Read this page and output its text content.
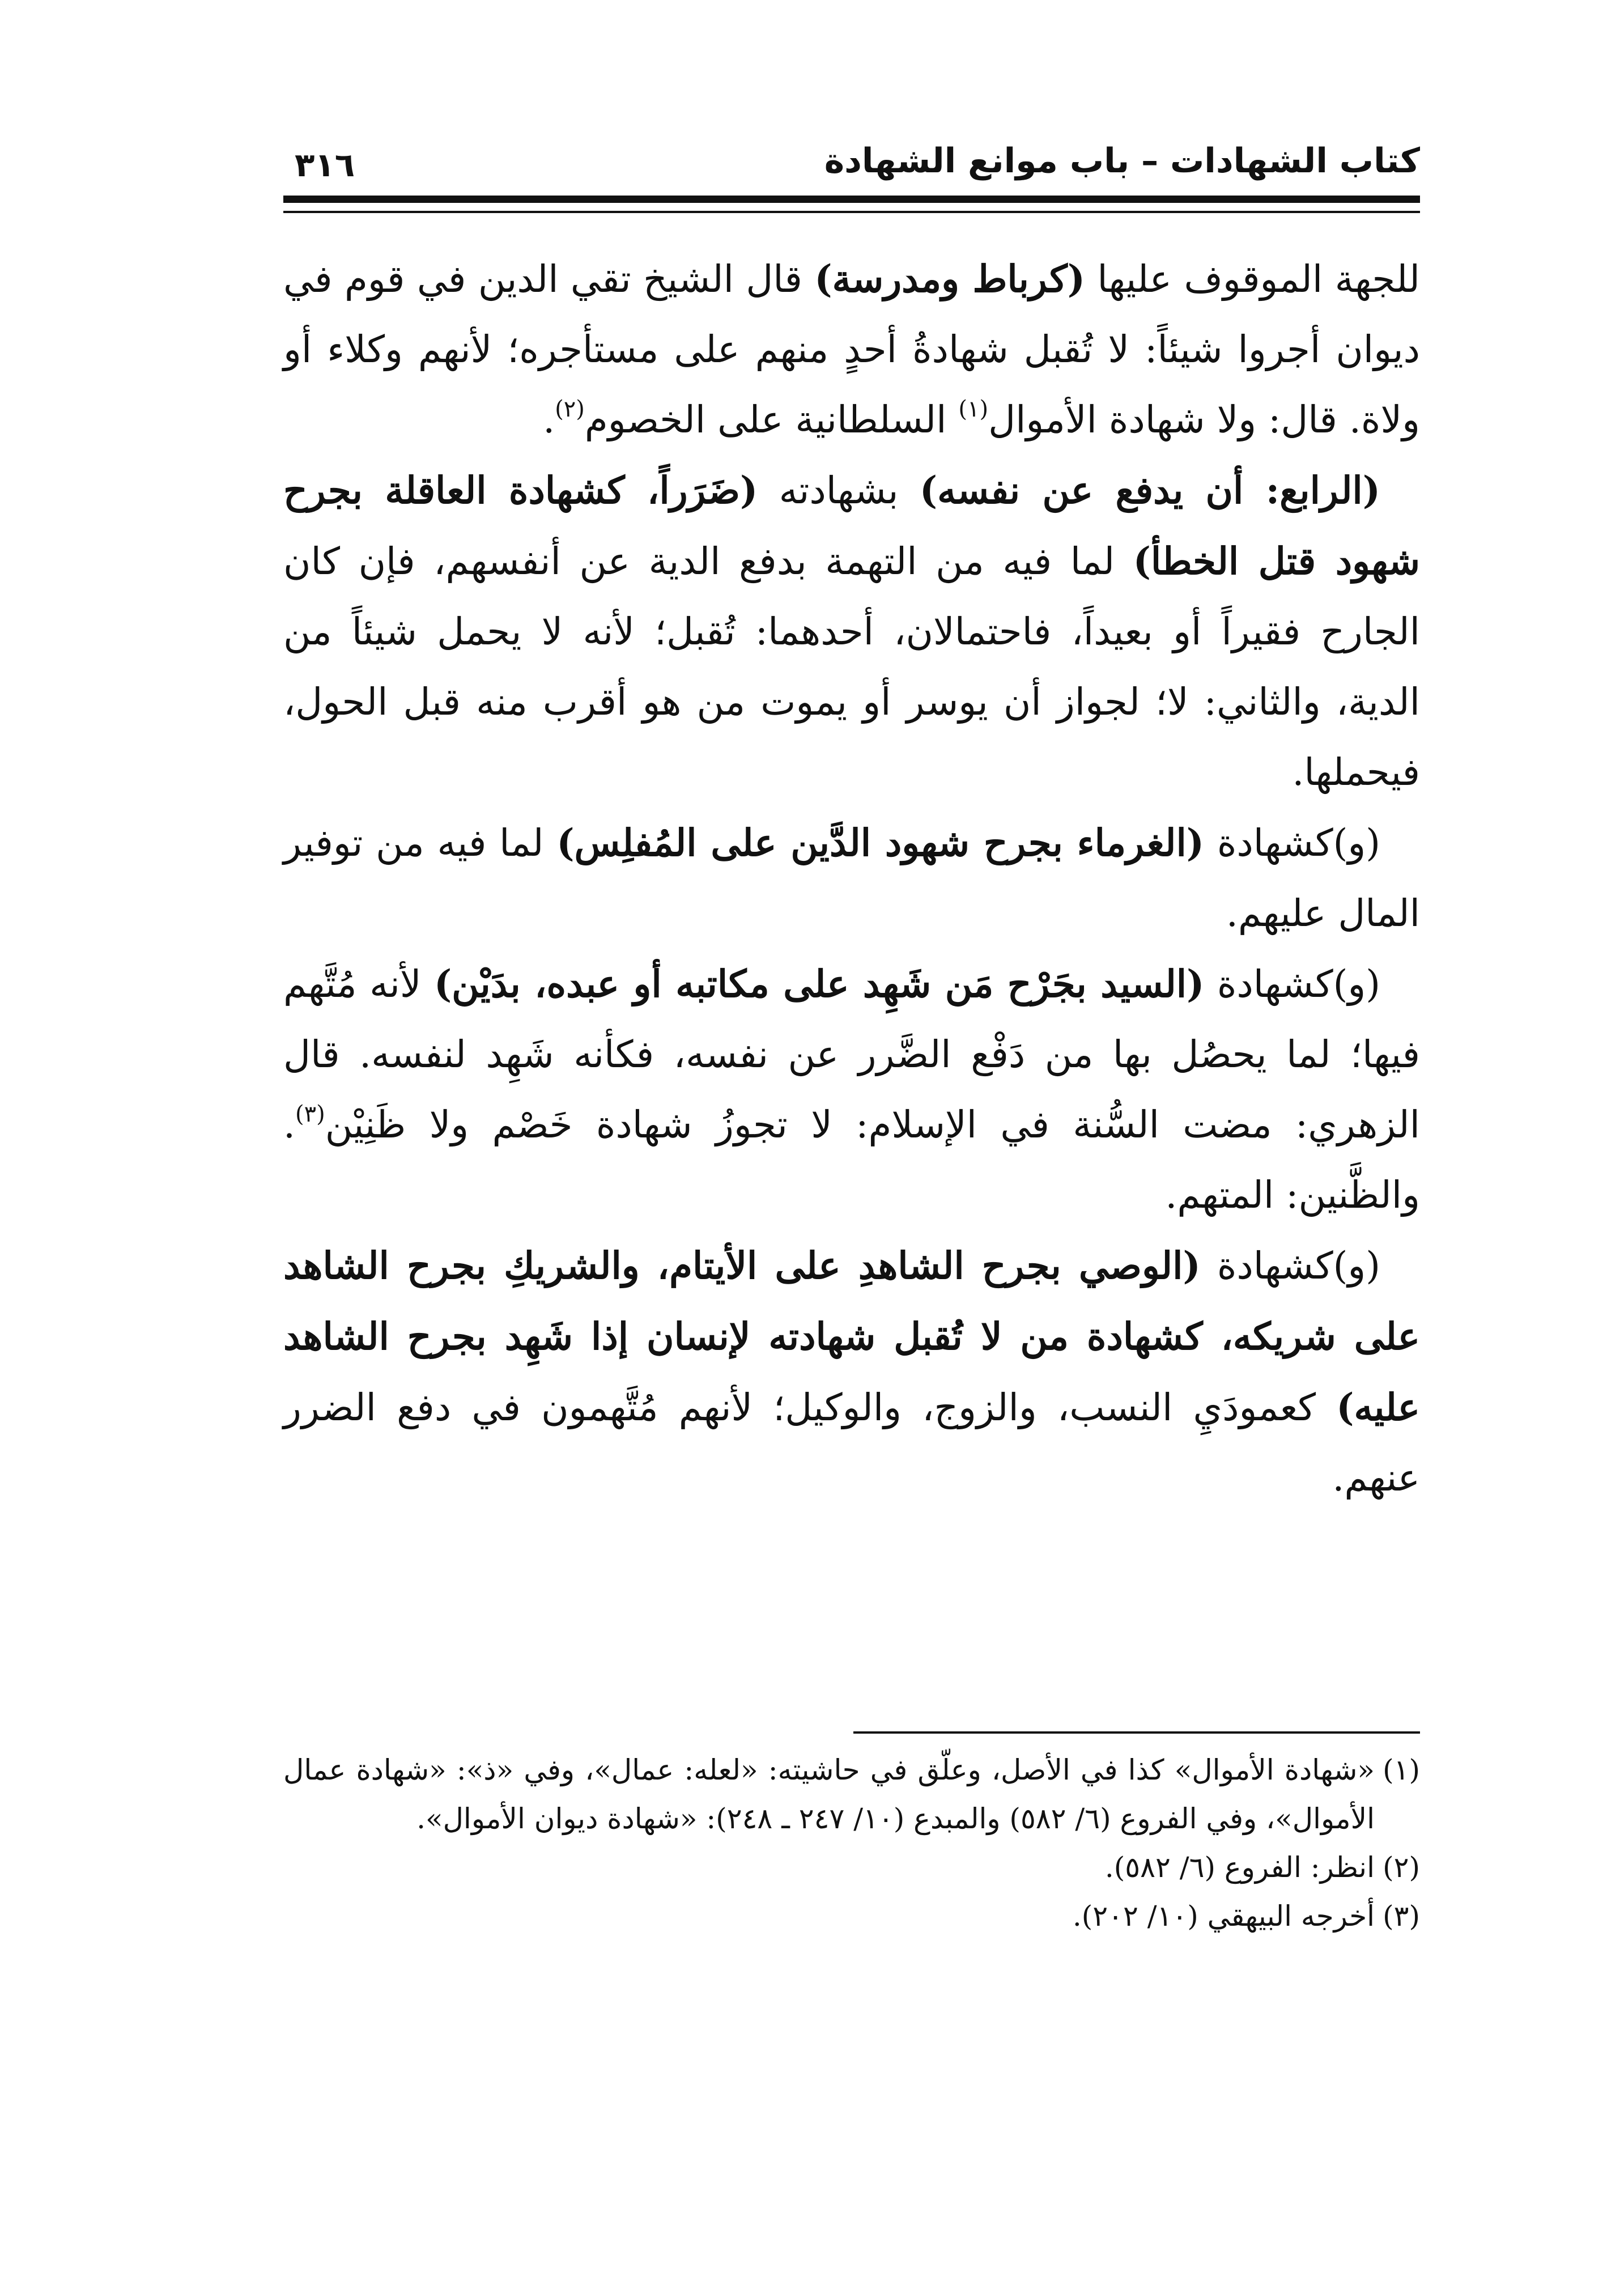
كتاب الشهادات – باب موانع الشهادة
٣١٦

للجهة الموقوف عليها (كرباط ومدرسة) قال الشيخ تقي الدين في قوم في ديوان أجروا شيئاً: لا تُقبل شهادةُ أحدٍ منهم على مستأجره؛ لأنهم وكلاء أو ولاة. قال: ولا شهادة الأموال$^{(١)}$ السلطانية على الخصوم$^{(٢)}$.

(الرابع: أن يدفع عن نفسه) بشهادته (ضَرَراً، كشهادة العاقلة بجرح شهود قتل الخطأ) لما فيه من التهمة بدفع الدية عن أنفسهم، فإن كان الجارح فقيراً أو بعيداً، فاحتمالان، أحدهما: تُقبل؛ لأنه لا يحمل شيئاً من الدية، والثاني: لا؛ لجواز أن يوسر أو يموت من هو أقرب منه قبل الحول، فيحملها.

(و)كشهادة (الغرماء بجرح شهود الدَّين على المُفلِس) لما فيه من توفير المال عليهم.

(و)كشهادة (السيد بجَرْح مَن شَهِد على مكاتبه أو عبده، بدَيْن) لأنه مُتَّهم فيها؛ لما يحصُل بها من دَفْع الضَّرر عن نفسه، فكأنه شَهِد لنفسه. قال الزهري: مضت السُّنة في الإسلام: لا تجوزُ شهادة خَصْم ولا ظَنِيْن$^{(٣)}$. والظَّنين: المتهم.

(و)كشهادة (الوصي بجرح الشاهدِ على الأيتام، والشريكِ بجرح الشاهد على شريكه، كشهادة من لا تُقبل شهادته لإنسان إذا شَهِد بجرح الشاهد عليه) كعمودَيِ النسب، والزوج، والوكيل؛ لأنهم مُتَّهمون في دفع الضرر عنهم.

(١)«شهادة الأموال» كذا في الأصل، وعلّق في حاشيته: «لعله: عمال»، وفي «ذ»: «شهادة عمال الأموال»، وفي الفروع (٦/ ٥٨٢) والمبدع (١٠/ ٢٤٧ ـ ٢٤٨): «شهادة ديوان الأموال».

(٢)انظر: الفروع (٦/ ٥٨٢).

(٣)أخرجه البيهقي (١٠/ ٢٠٢).
